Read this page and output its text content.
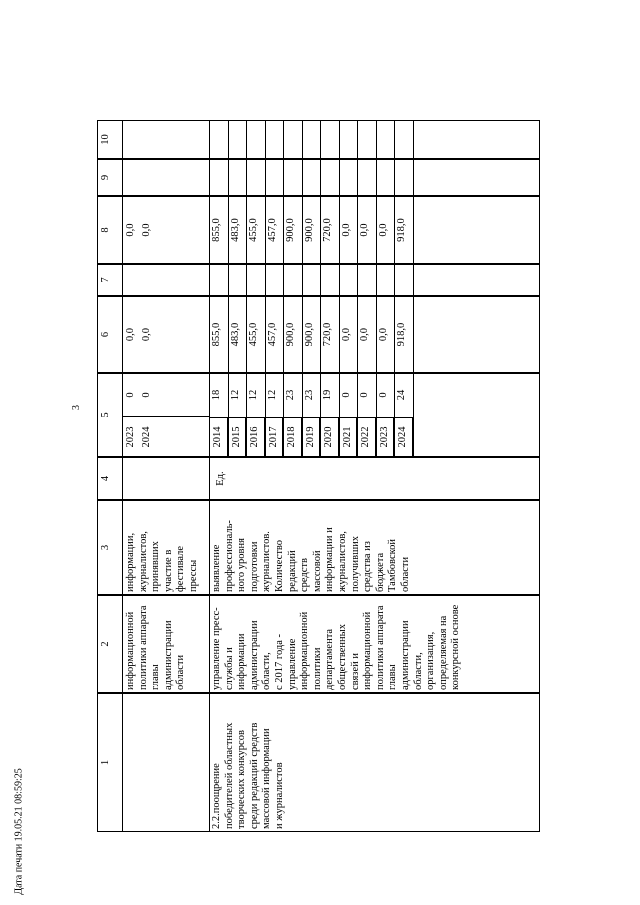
3
Дата печати 19.05.21 08:59:25
1
2
3
4
5
6
7
8
9
10
информационной
политики аппарата
главы
администрации
области
информации,
журналистов,
принявших
участие в
фестивале
прессы
2023
0
0,0
0,0
2024
0
0,0
0,0
2.2.поощрение
победителей областных
творческих конкурсов
среди редакций средств
массовой информации
и журналистов
управление пресс-
службы и
информации
администрации
области,
с 2017 года -
управление
информационной
политики
департамента
общественных
связей и
информационной
политики аппарата
главы
администрации
области,
организация,
определяемая на
конкурсной основе
выявление
профессиональ-
ного уровня
подготовки
журналистов.
Количество
редакций
средств
массовой
информации и
журналистов,
получивших
средства из
бюджета
Тамбовской
области
Ед.
2014
18
855,0
855,0
2015
12
483,0
483,0
2016
12
455,0
455,0
2017
12
457,0
457,0
2018
23
900,0
900,0
2019
23
900,0
900,0
2020
19
720,0
720,0
2021
0
0,0
0,0
2022
0
0,0
0,0
2023
0
0,0
0,0
2024
24
918,0
918,0
